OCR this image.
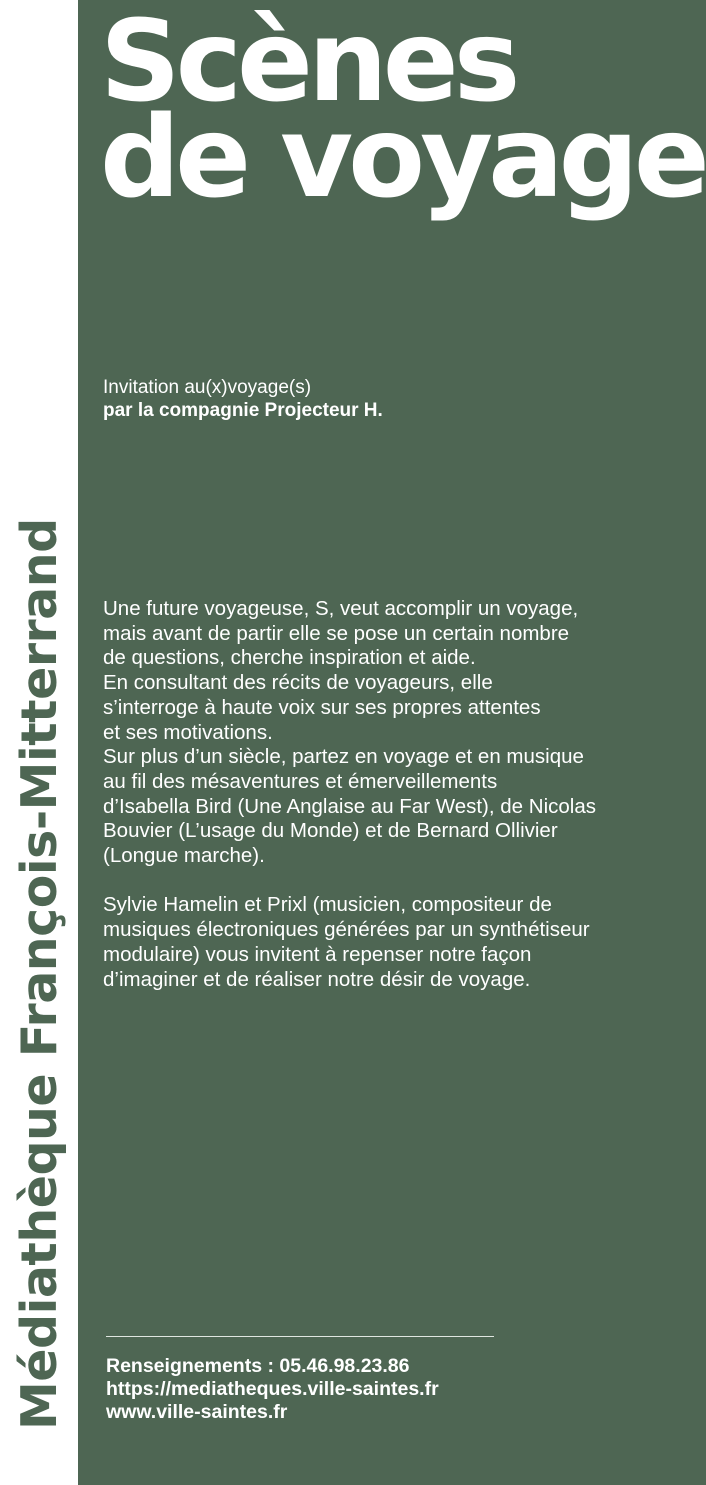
Médiathèque François-Mitterrand
Scènes
de voyage
Invitation au(x)voyage(s)
par la compagnie Projecteur H.

Une future voyageuse, S, veut accomplir un voyage,
mais avant de partir elle se pose un certain nombre
de questions, cherche inspiration et aide.
En consultant des récits de voyageurs, elle
s’interroge à haute voix sur ses propres attentes
et ses motivations.
Sur plus d’un siècle, partez en voyage et en musique
au fil des mésaventures et émerveillements
d’Isabella Bird (Une Anglaise au Far West), de Nicolas
Bouvier (L’usage du Monde) et de Bernard Ollivier
(Longue marche).

Sylvie Hamelin et Prixl (musicien, compositeur de
musiques électroniques générées par un synthétiseur
modulaire) vous invitent à repenser notre façon
d’imaginer et de réaliser notre désir de voyage.

Renseignements : 05.46.98.23.86
https://mediatheques.ville-saintes.fr
www.ville-saintes.fr
